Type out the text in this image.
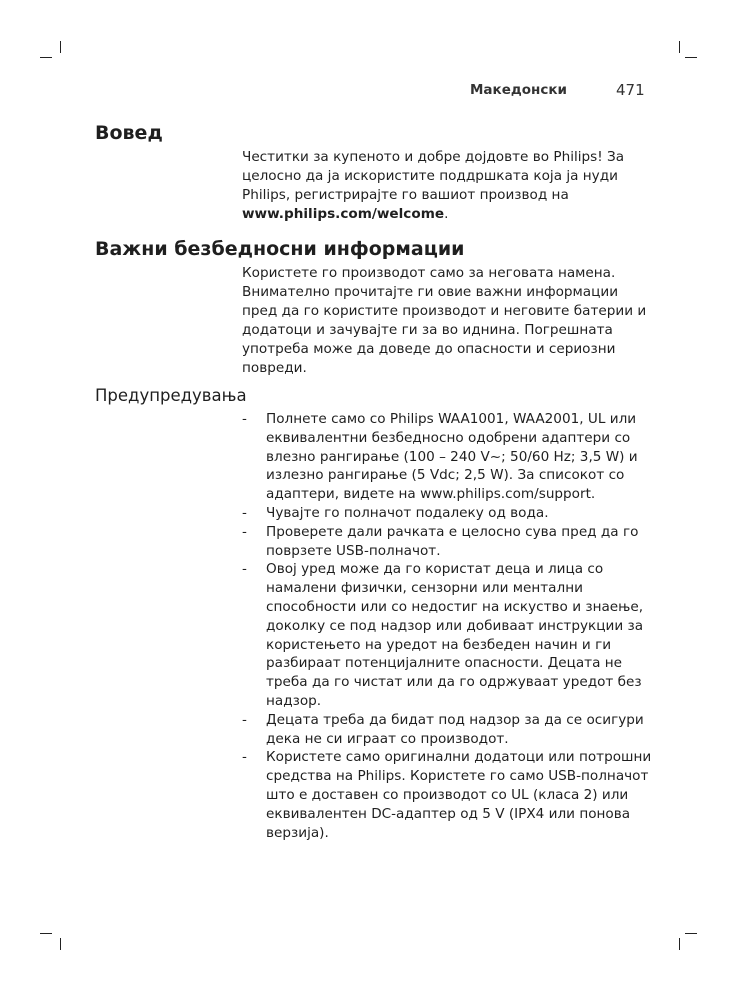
Македонски	471
Вовед

Честитки за купеното и добре дојдовте во Philips! За целосно да ја искористите поддршката која ја нуди Philips, регистрирајте го вашиот производ на www.philips.com/welcome.

Важни безбедносни информации

Користете го производот само за неговата намена. Внимателно прочитајте ги овие важни информации пред да го користите производот и неговите батерии и додатоци и зачувајте ги за во иднина. Погрешната употреба може да доведе до опасности и сериозни повреди.

Предупредувања
- Полнете само со Philips WAA1001, WAA2001, UL или еквивалентни безбедносно одобрени адаптери со влезно рангирање (100 – 240 V~; 50/60 Hz; 3,5 W) и излезно рангирање (5 Vdc; 2,5 W). За списокот со адаптери, видете на www.philips.com/support.
- Чувајте го полначот подалеку од вода.
- Проверете дали рачката е целосно сува пред да го поврзете USB-полначот.
- Овој уред може да го користат деца и лица со намалени физички, сензорни или ментални способности или со недостиг на искуство и знаење, доколку се под надзор или добиваат инструкции за користењето на уредот на безбеден начин и ги разбираат потенцијалните опасности. Децата не треба да го чистат или да го одржуваат уредот без надзор.
- Децата треба да бидат под надзор за да се осигури дека не си играат со производот.
- Користете само оригинални додатоци или потрошни средства на Philips. Користете го само USB-полначот што е доставен со производот со UL (класа 2) или еквивалентен DC-адаптер од 5 V (IPX4 или понова верзија).
